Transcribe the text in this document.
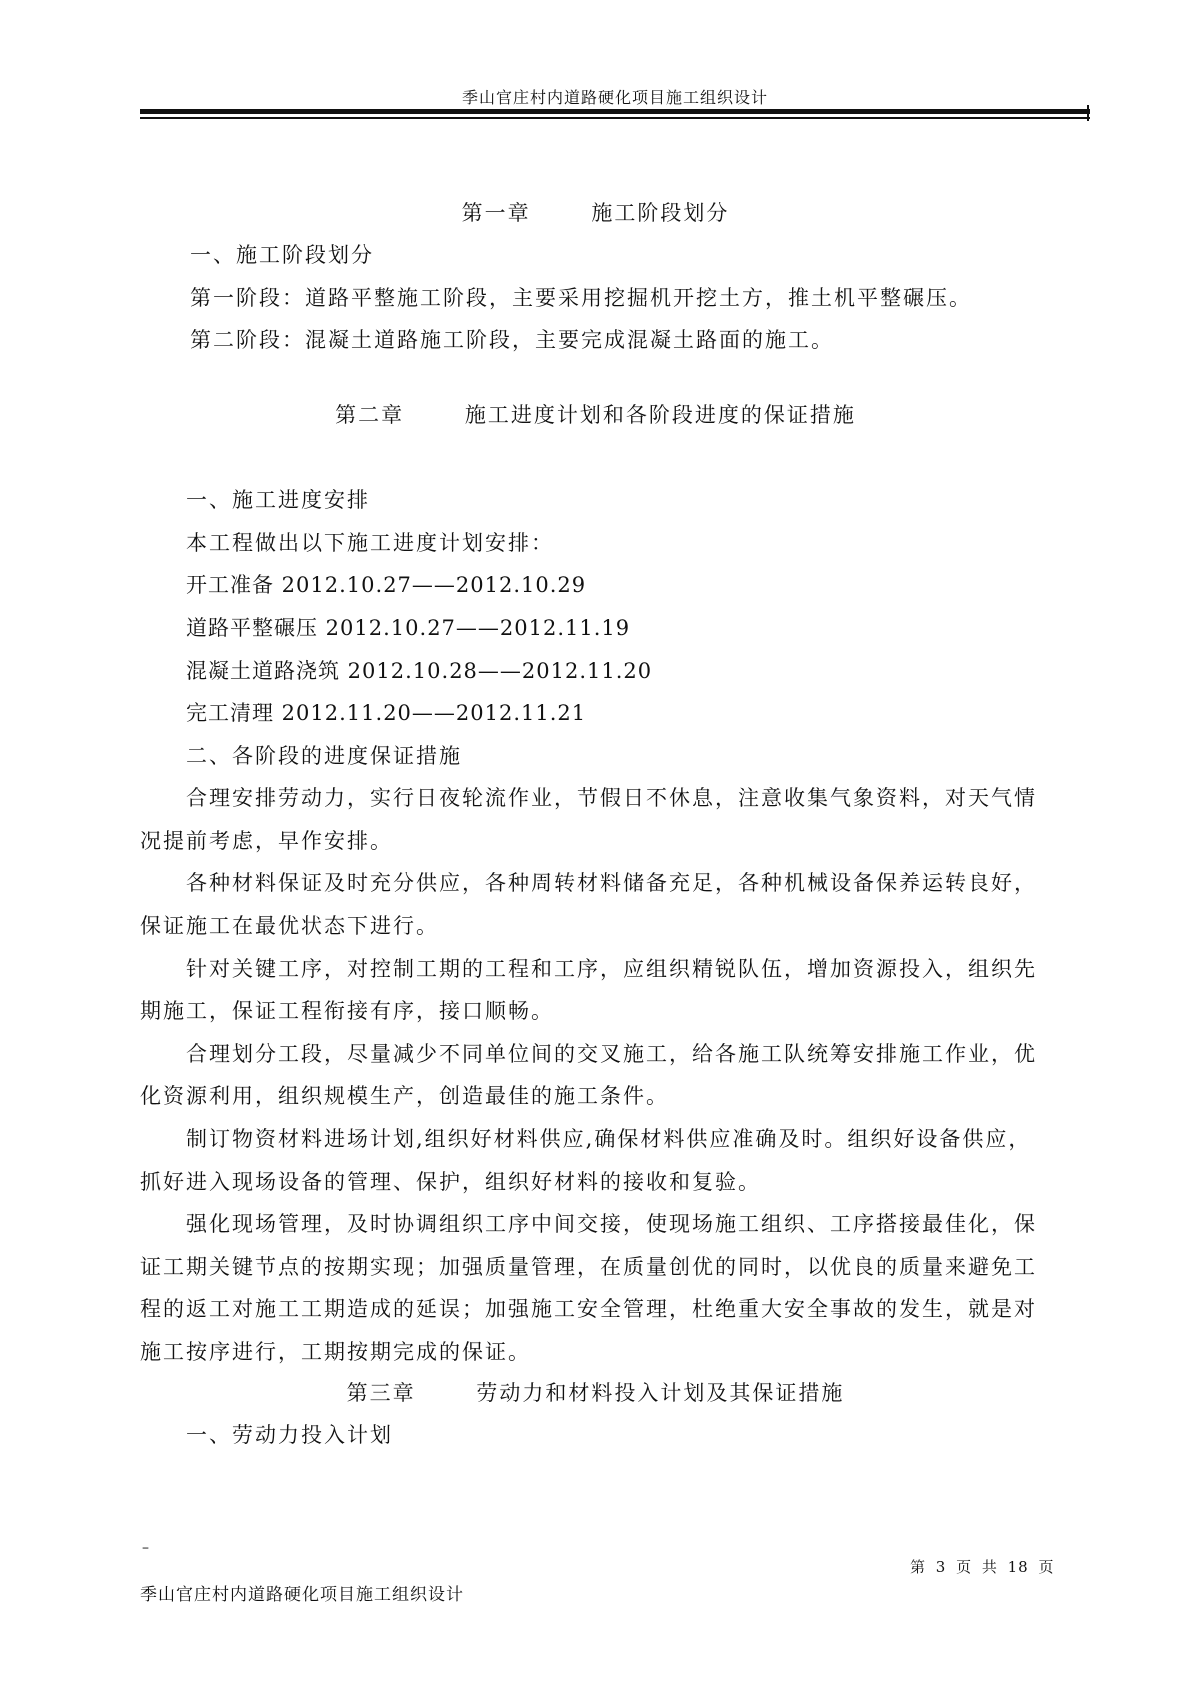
季山官庄村内道路硬化项目施工组织设计
第一章       施工阶段划分
一、施工阶段划分
第一阶段：道路平整施工阶段，主要采用挖掘机开挖土方，推土机平整碾压。
第二阶段：混凝土道路施工阶段，主要完成混凝土路面的施工。
第二章       施工进度计划和各阶段进度的保证措施
一、施工进度安排
本工程做出以下施工进度计划安排：
开工准备 2012.10.27——2012.10.29
道路平整碾压 2012.10.27——2012.11.19
混凝土道路浇筑 2012.10.28——2012.11.20
完工清理 2012.11.20——2012.11.21
二、各阶段的进度保证措施
合理安排劳动力，实行日夜轮流作业，节假日不休息，注意收集气象资料，对天气情
况提前考虑，早作安排。
各种材料保证及时充分供应，各种周转材料储备充足，各种机械设备保养运转良好，
保证施工在最优状态下进行。
针对关键工序，对控制工期的工程和工序，应组织精锐队伍，增加资源投入，组织先
期施工，保证工程衔接有序，接口顺畅。
合理划分工段，尽量减少不同单位间的交叉施工，给各施工队统筹安排施工作业，优
化资源利用，组织规模生产，创造最佳的施工条件。
制订物资材料进场计划,组织好材料供应,确保材料供应准确及时。组织好设备供应，
抓好进入现场设备的管理、保护，组织好材料的接收和复验。
强化现场管理，及时协调组织工序中间交接，使现场施工组织、工序搭接最佳化，保
证工期关键节点的按期实现；加强质量管理，在质量创优的同时，以优良的质量来避免工
程的返工对施工工期造成的延误；加强施工安全管理，杜绝重大安全事故的发生，就是对
施工按序进行，工期按期完成的保证。
第三章       劳动力和材料投入计划及其保证措施
一、劳动力投入计划
–
第 3 页 共 18 页
季山官庄村内道路硬化项目施工组织设计
